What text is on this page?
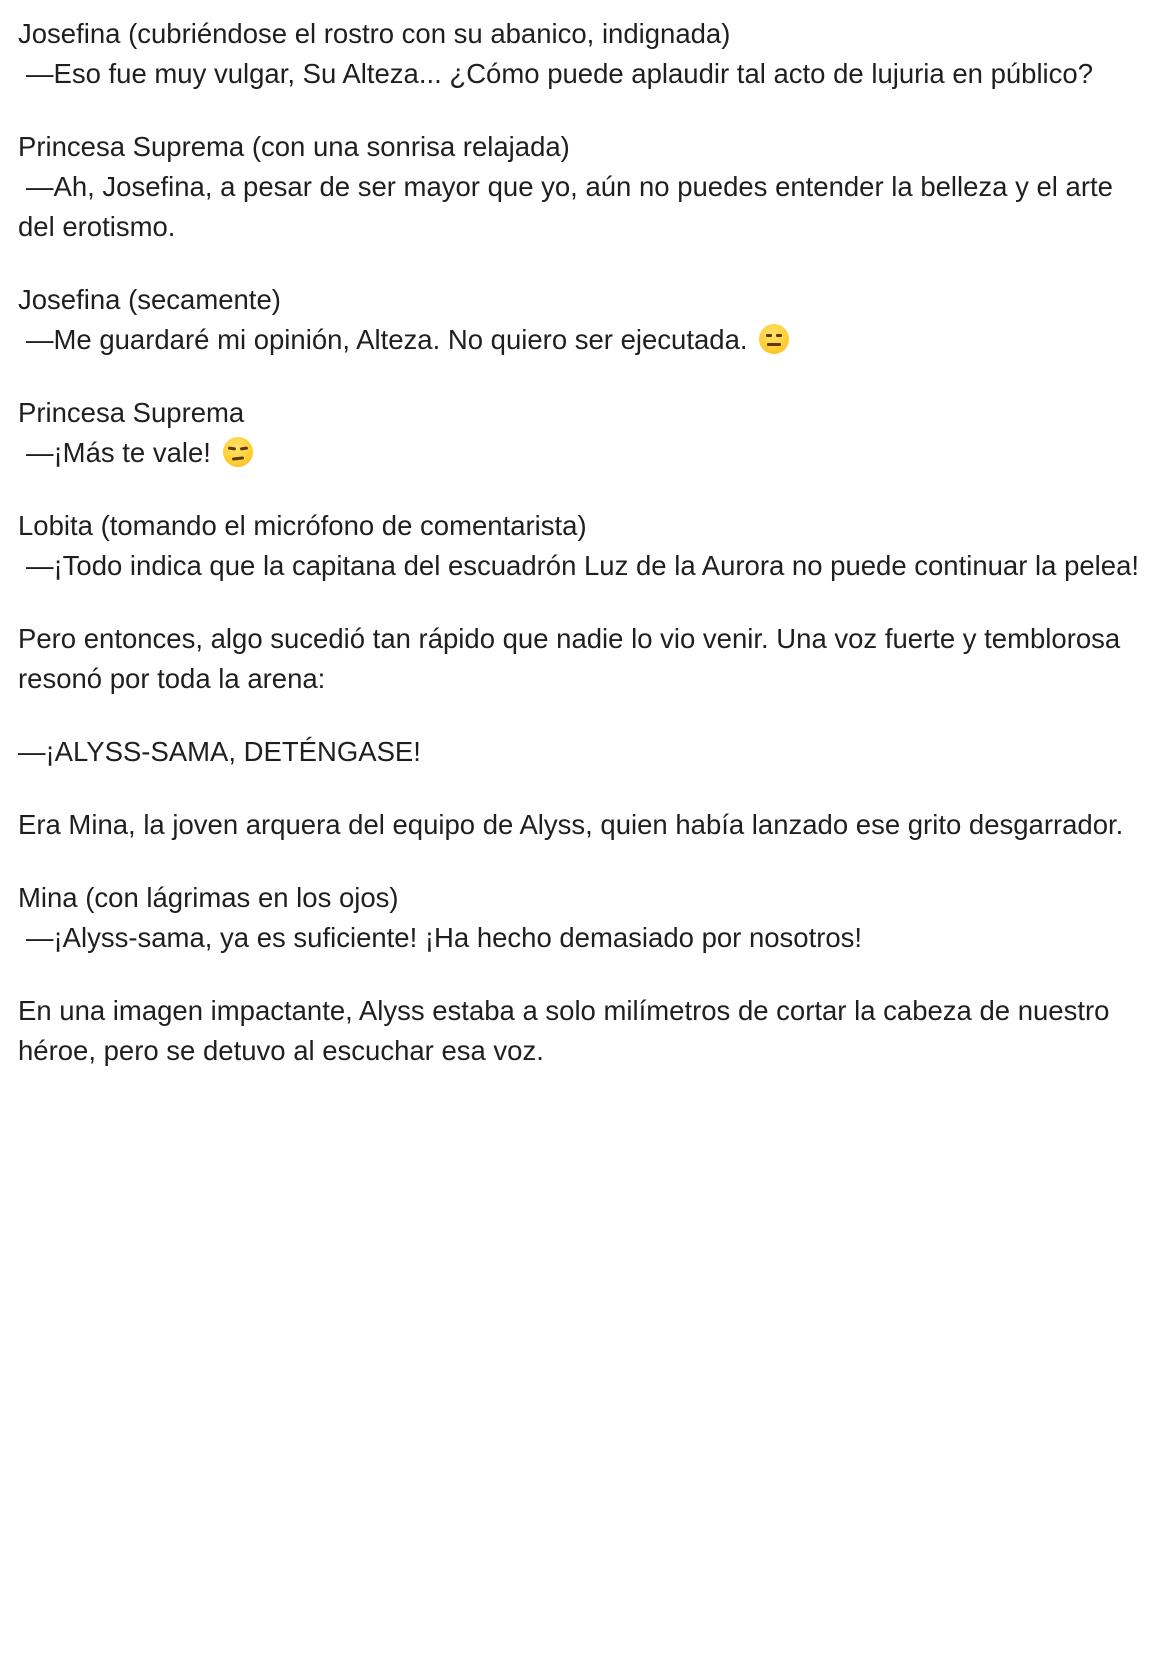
Josefina (cubriéndose el rostro con su abanico, indignada)
—Eso fue muy vulgar, Su Alteza... ¿Cómo puede aplaudir tal acto de lujuria en público?
Princesa Suprema (con una sonrisa relajada)
—Ah, Josefina, a pesar de ser mayor que yo, aún no puedes entender la belleza y el arte del erotismo.
Josefina (secamente)
—Me guardaré mi opinión, Alteza. No quiero ser ejecutada.
Princesa Suprema
—¡Más te vale!
Lobita (tomando el micrófono de comentarista)
—¡Todo indica que la capitana del escuadrón Luz de la Aurora no puede continuar la pelea!
Pero entonces, algo sucedió tan rápido que nadie lo vio venir. Una voz fuerte y temblorosa resonó por toda la arena:
—¡ALYSS-SAMA, DETÉNGASE!
Era Mina, la joven arquera del equipo de Alyss, quien había lanzado ese grito desgarrador.
Mina (con lágrimas en los ojos)
—¡Alyss-sama, ya es suficiente! ¡Ha hecho demasiado por nosotros!
En una imagen impactante, Alyss estaba a solo milímetros de cortar la cabeza de nuestro héroe, pero se detuvo al escuchar esa voz.
